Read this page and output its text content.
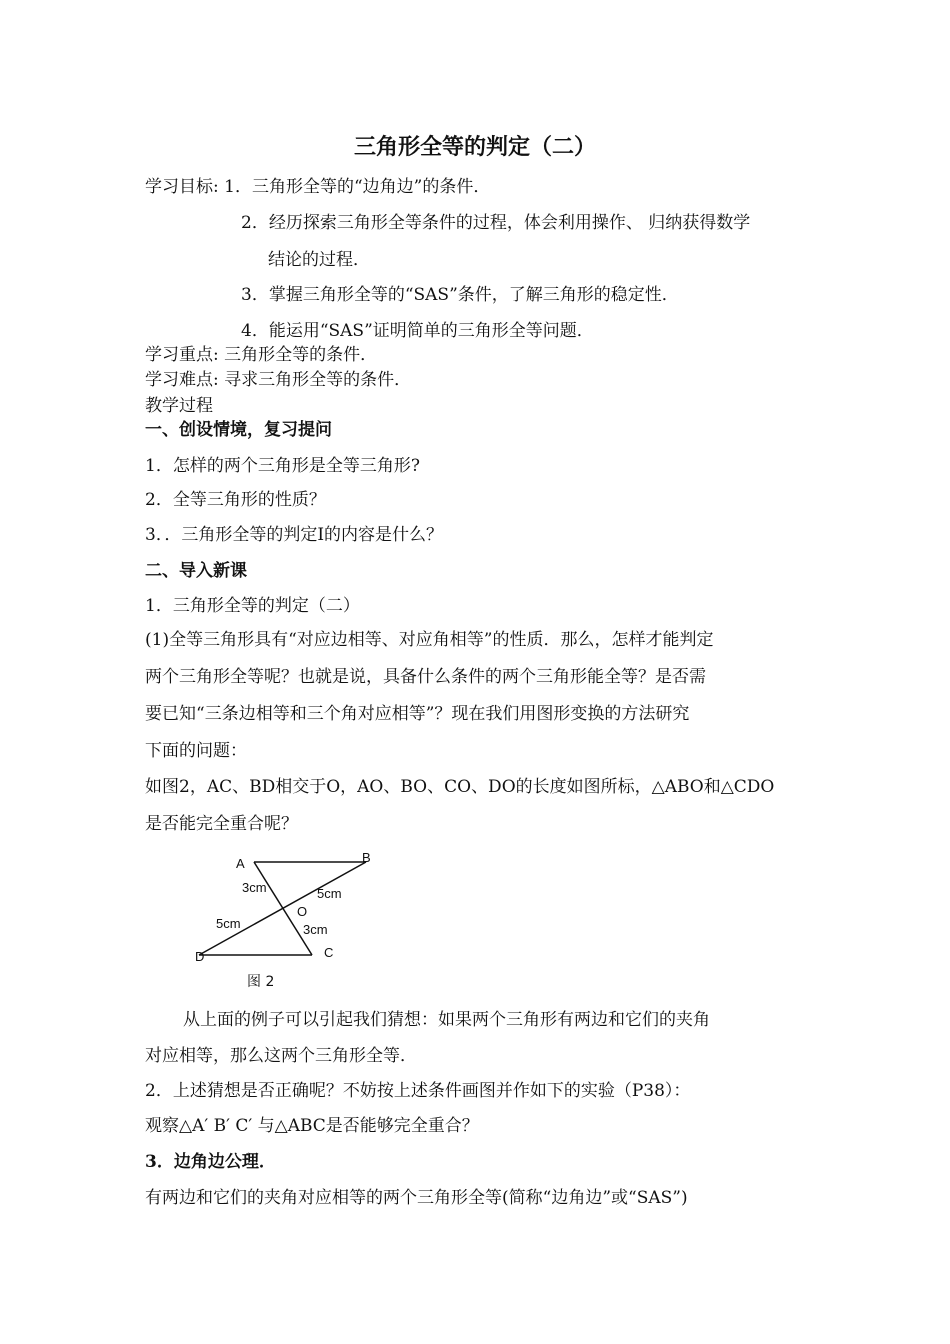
三角形全等的判定（二）
学习目标: 1．三角形全等的“边角边”的条件．
2．经历探索三角形全等条件的过程，体会利用操作、 归纳获得数学
结论的过程．
3．掌握三角形全等的“SAS”条件，了解三角形的稳定性．
4．能运用“SAS”证明简单的三角形全等问题．
学习重点: 三角形全等的条件．
学习难点: 寻求三角形全等的条件．
教学过程
一、创设情境，复习提问
1．怎样的两个三角形是全等三角形?
2．全等三角形的性质？
3．．三角形全等的判定Ⅰ的内容是什么？
二、导入新课
1．三角形全等的判定（二）
(1)全等三角形具有“对应边相等、对应角相等”的性质．那么，怎样才能判定
两个三角形全等呢？也就是说，具备什么条件的两个三角形能全等？是否需
要已知“三条边相等和三个角对应相等”？现在我们用图形变换的方法研究
下面的问题：
如图2，AC、BD相交于O，AO、BO、CO、DO的长度如图所标，△ABO和△CDO
是否能完全重合呢？
A	B
C
D
O
3cm	5cm
5cm	3cm
图 2
从上面的例子可以引起我们猜想：如果两个三角形有两边和它们的夹角
对应相等，那么这两个三角形全等．
2．上述猜想是否正确呢？不妨按上述条件画图并作如下的实验（P38）：
观察△A′ B′ C′ 与△ABC是否能够完全重合？
3．边角边公理．
有两边和它们的夹角对应相等的两个三角形全等(简称“边角边”或“SAS”)
